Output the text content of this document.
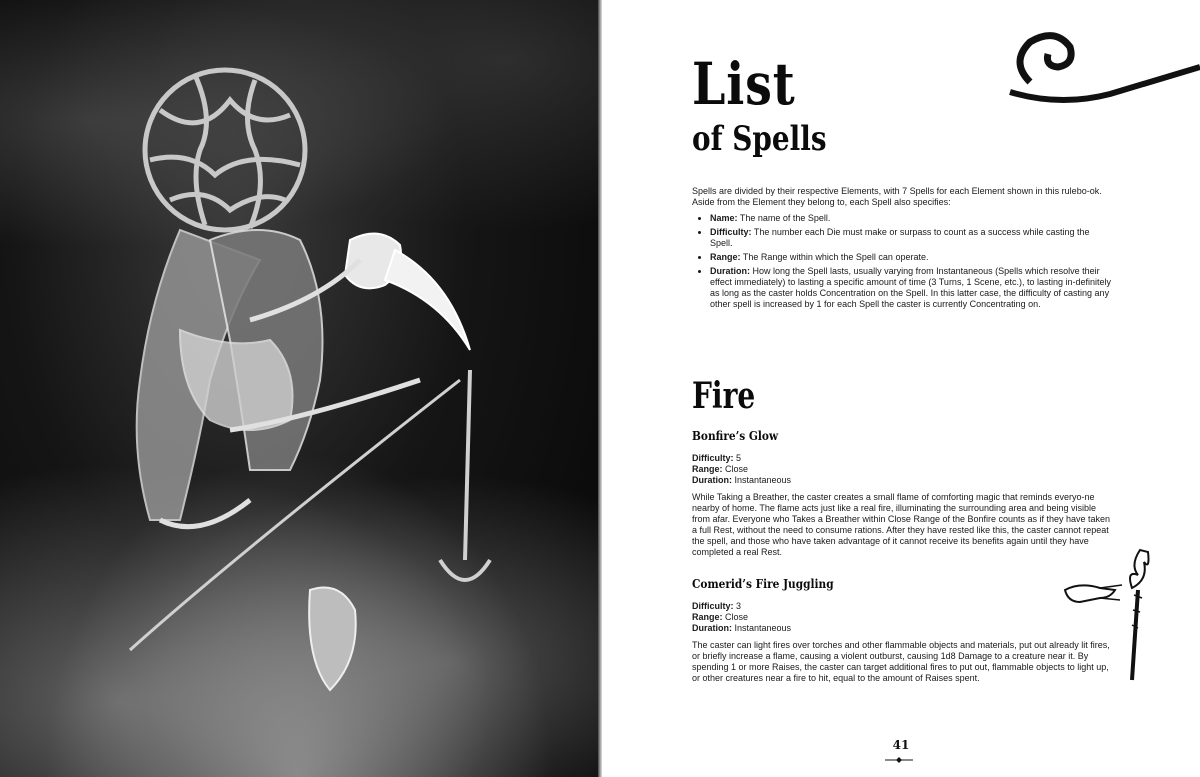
List
of Spells

Spells are divided by their respective Elements, with 7 Spells for each Element shown in this rulebo-ok. Aside from the Element they belong to, each Spell also specifies:

• Name: The name of the Spell.
• Difficulty: The number each Die must make or surpass to count as a success while casting the Spell.
• Range: The Range within which the Spell can operate.
• Duration: How long the Spell lasts, usually varying from Instantaneous (Spells which resolve their effect immediately) to lasting a specific amount of time (3 Turns, 1 Scene, etc.), to lasting in-definitely as long as the caster holds Concentration on the Spell. In this latter case, the difficulty of casting any other spell is increased by 1 for each Spell the caster is currently Concentrating on.
Fire
Bonfire’s Glow
Difficulty: 5
Range: Close
Duration: Instantaneous

While Taking a Breather, the caster creates a small flame of comforting magic that reminds everyo-ne nearby of home. The flame acts just like a real fire, illuminating the surrounding area and being visible from afar. Everyone who Takes a Breather within Close Range of the Bonfire counts as if they have taken a full Rest, without the need to consume rations. After they have rested like this, the caster cannot repeat the spell, and those who have taken advantage of it cannot receive its benefits again until they have completed a real Rest.

Comerid’s Fire Juggling
Difficulty: 3
Range: Close
Duration: Instantaneous

The caster can light fires over torches and other flammable objects and materials, put out already lit fires, or briefly increase a flame, causing a violent outburst, causing 1d8 Damage to a creature near it. By spending 1 or more Raises, the caster can target additional fires to put out, flammable objects to light up, or other creatures near a fire to hit, equal to the amount of Raises spent.

41
